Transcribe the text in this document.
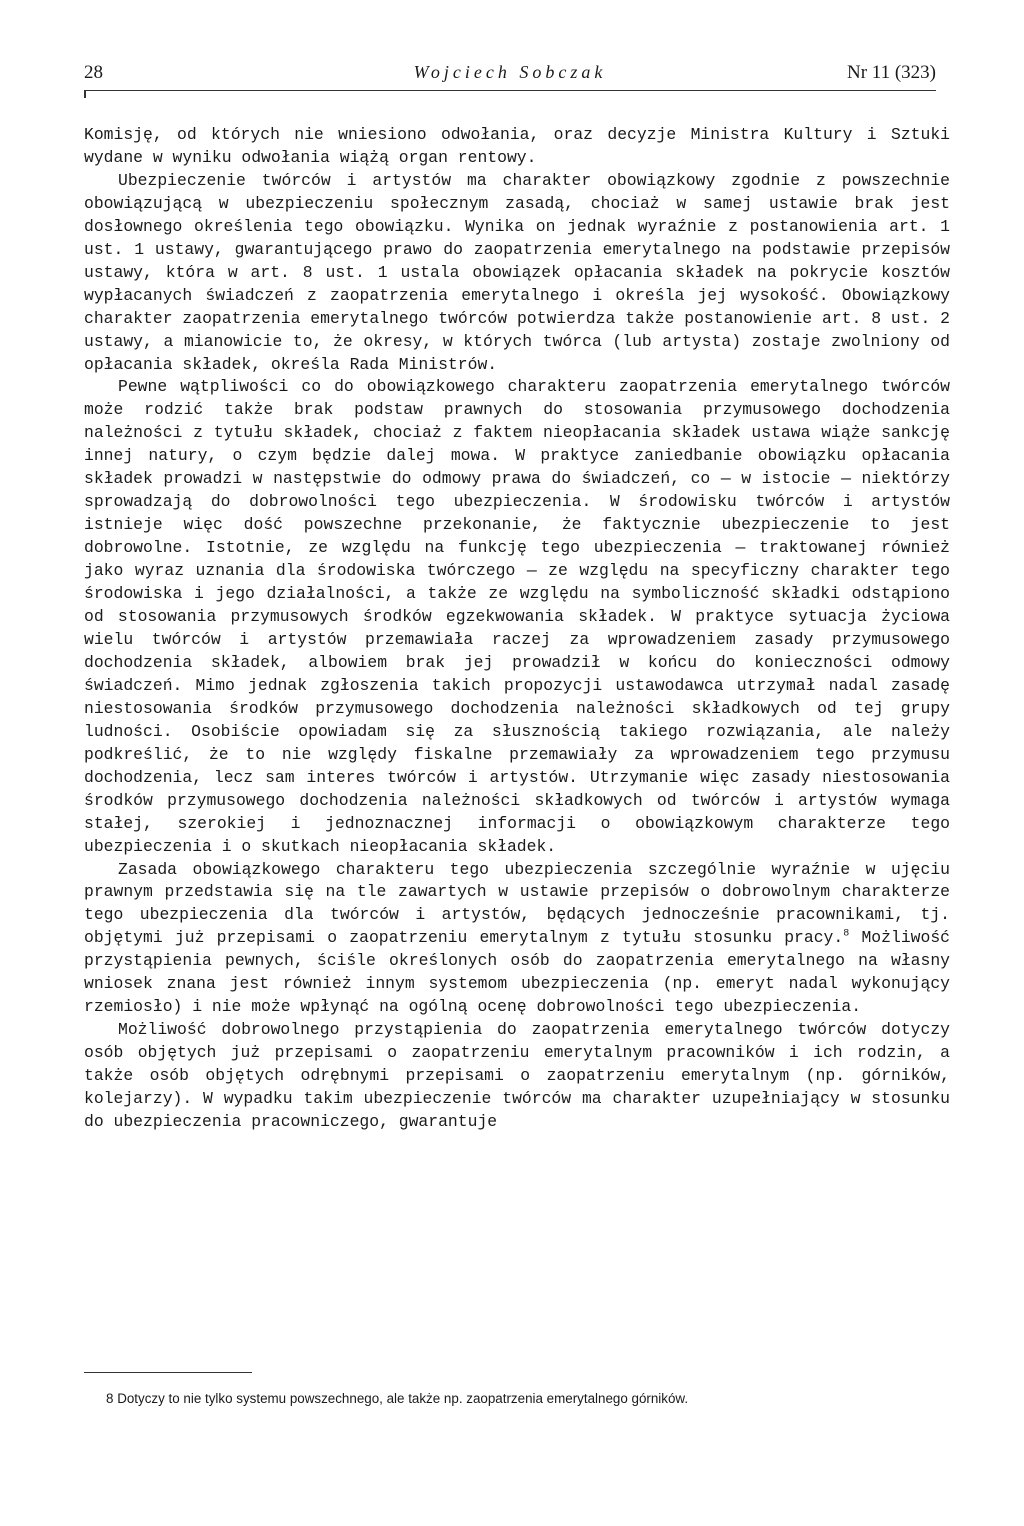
28	Wojciech Sobczak	Nr 11 (323)

Komisję, od których nie wniesiono odwołania, oraz decyzje Ministra Kultury i Sztuki wydane w wyniku odwołania wiążą organ rentowy.

Ubezpieczenie twórców i artystów ma charakter obowiązkowy zgodnie z powszechnie obowiązującą w ubezpieczeniu społecznym zasadą, chociaż w samej ustawie brak jest dosłownego określenia tego obowiązku. Wynika on jednak wyraźnie z postanowienia art. 1 ust. 1 ustawy, gwarantującego prawo do zaopatrzenia emerytalnego na podstawie przepisów ustawy, która w art. 8 ust. 1 ustala obowiązek opłacania składek na pokrycie kosztów wypłacanych świadczeń z zaopatrzenia emerytalnego i określa jej wysokość. Obowiązkowy charakter zaopatrzenia emerytalnego twórców potwierdza także postanowienie art. 8 ust. 2 ustawy, a mianowicie to, że okresy, w których twórca (lub artysta) zostaje zwolniony od opłacania składek, określa Rada Ministrów.

Pewne wątpliwości co do obowiązkowego charakteru zaopatrzenia emerytalnego twórców może rodzić także brak podstaw prawnych do stosowania przymusowego dochodzenia należności z tytułu składek, chociaż z faktem nieopłacania składek ustawa wiąże sankcję innej natury, o czym będzie dalej mowa. W praktyce zaniedbanie obowiązku opłacania składek prowadzi w następstwie do odmowy prawa do świadczeń, co — w istocie — niektórzy sprowadzają do dobrowolności tego ubezpieczenia. W środowisku twórców i artystów istnieje więc dość powszechne przekonanie, że faktycznie ubezpieczenie to jest dobrowolne. Istotnie, ze względu na funkcję tego ubezpieczenia — traktowanej również jako wyraz uznania dla środowiska twórczego — ze względu na specyficzny charakter tego środowiska i jego działalności, a także ze względu na symboliczność składki odstąpiono od stosowania przymusowych środków egzekwowania składek. W praktyce sytuacja życiowa wielu twórców i artystów przemawiała raczej za wprowadzeniem zasady przymusowego dochodzenia składek, albowiem brak jej prowadził w końcu do konieczności odmowy świadczeń. Mimo jednak zgłoszenia takich propozycji ustawodawca utrzymał nadal zasadę niestosowania środków przymusowego dochodzenia należności składkowych od tej grupy ludności. Osobiście opowiadam się za słusznością takiego rozwiązania, ale należy podkreślić, że to nie względy fiskalne przemawiały za wprowadzeniem tego przymusu dochodzenia, lecz sam interes twórców i artystów. Utrzymanie więc zasady niestosowania środków przymusowego dochodzenia należności składkowych od twórców i artystów wymaga stałej, szerokiej i jednoznacznej informacji o obowiązkowym charakterze tego ubezpieczenia i o skutkach nieopłacania składek.

Zasada obowiązkowego charakteru tego ubezpieczenia szczególnie wyraźnie w ujęciu prawnym przedstawia się na tle zawartych w ustawie przepisów o dobrowolnym charakterze tego ubezpieczenia dla twórców i artystów, będących jednocześnie pracownikami, tj. objętymi już przepisami o zaopatrzeniu emerytalnym z tytułu stosunku pracy.$^8$ Możliwość przystąpienia pewnych, ściśle określonych osób do zaopatrzenia emerytalnego na własny wniosek znana jest również innym systemom ubezpieczenia (np. emeryt nadal wykonujący rzemiosło) i nie może wpłynąć na ogólną ocenę dobrowolności tego ubezpieczenia.

Możliwość dobrowolnego przystąpienia do zaopatrzenia emerytalnego twórców dotyczy osób objętych już przepisami o zaopatrzeniu emerytalnym pracowników i ich rodzin, a także osób objętych odrębnymi przepisami o zaopatrzeniu emerytalnym (np. górników, kolejarzy). W wypadku takim ubezpieczenie twórców ma charakter uzupełniający w stosunku do ubezpieczenia pracowniczego, gwarantuje

8 Dotyczy to nie tylko systemu powszechnego, ale także np. zaopatrzenia emerytalnego górników.
